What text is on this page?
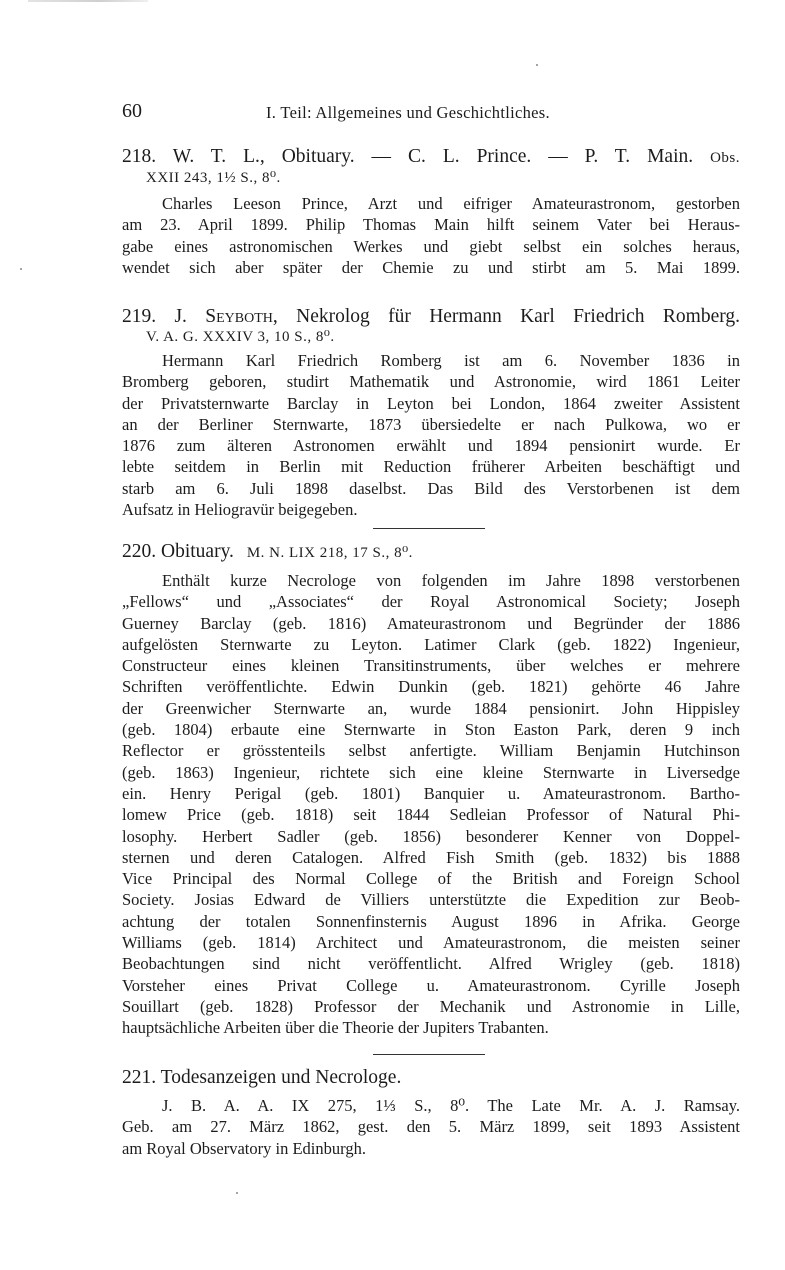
60	I. Teil: Allgemeines und Geschichtliches.
218. W. T. L., Obituary. — C. L. Prince. — P. T. Main. Obs.
XXII 243, 1½ S., 8⁰.

Charles Leeson Prince, Arzt und eifriger Amateurastronom, gestorben
am 23. April 1899. Philip Thomas Main hilft seinem Vater bei Heraus-
gabe eines astronomischen Werkes und giebt selbst ein solches heraus,
wendet sich aber später der Chemie zu und stirbt am 5. Mai 1899.

219. J. Seyboth, Nekrolog für Hermann Karl Friedrich Romberg.
V. A. G. XXXIV 3, 10 S., 8⁰.

Hermann Karl Friedrich Romberg ist am 6. November 1836 in
Bromberg geboren, studirt Mathematik und Astronomie, wird 1861 Leiter
der Privatsternwarte Barclay in Leyton bei London, 1864 zweiter Assistent
an der Berliner Sternwarte, 1873 übersiedelte er nach Pulkowa, wo er
1876 zum älteren Astronomen erwählt und 1894 pensionirt wurde. Er
lebte seitdem in Berlin mit Reduction früherer Arbeiten beschäftigt und
starb am 6. Juli 1898 daselbst. Das Bild des Verstorbenen ist dem
Aufsatz in Heliogravür beigegeben.

220. Obituary. M. N. LIX 218, 17 S., 8⁰.

Enthält kurze Necrologe von folgenden im Jahre 1898 verstorbenen
„Fellows“ und „Associates“ der Royal Astronomical Society; Joseph
Guerney Barclay (geb. 1816) Amateurastronom und Begründer der 1886
aufgelösten Sternwarte zu Leyton. Latimer Clark (geb. 1822) Ingenieur,
Constructeur eines kleinen Transitinstruments, über welches er mehrere
Schriften veröffentlichte. Edwin Dunkin (geb. 1821) gehörte 46 Jahre
der Greenwicher Sternwarte an, wurde 1884 pensionirt. John Hippisley
(geb. 1804) erbaute eine Sternwarte in Ston Easton Park, deren 9 inch
Reflector er grösstenteils selbst anfertigte. William Benjamin Hutchinson
(geb. 1863) Ingenieur, richtete sich eine kleine Sternwarte in Liversedge
ein. Henry Perigal (geb. 1801) Banquier u. Amateurastronom. Bartho-
lomew Price (geb. 1818) seit 1844 Sedleian Professor of Natural Phi-
losophy. Herbert Sadler (geb. 1856) besonderer Kenner von Doppel-
sternen und deren Catalogen. Alfred Fish Smith (geb. 1832) bis 1888
Vice Principal des Normal College of the British and Foreign School
Society. Josias Edward de Villiers unterstützte die Expedition zur Beob-
achtung der totalen Sonnenfinsternis August 1896 in Afrika. George
Williams (geb. 1814) Architect und Amateurastronom, die meisten seiner
Beobachtungen sind nicht veröffentlicht. Alfred Wrigley (geb. 1818)
Vorsteher eines Privat College u. Amateurastronom. Cyrille Joseph
Souillart (geb. 1828) Professor der Mechanik und Astronomie in Lille,
hauptsächliche Arbeiten über die Theorie der Jupiters Trabanten.

221. Todesanzeigen und Necrologe.

J. B. A. A. IX 275, 1⅓ S., 8⁰. The Late Mr. A. J. Ramsay.
Geb. am 27. März 1862, gest. den 5. März 1899, seit 1893 Assistent
am Royal Observatory in Edinburgh.
